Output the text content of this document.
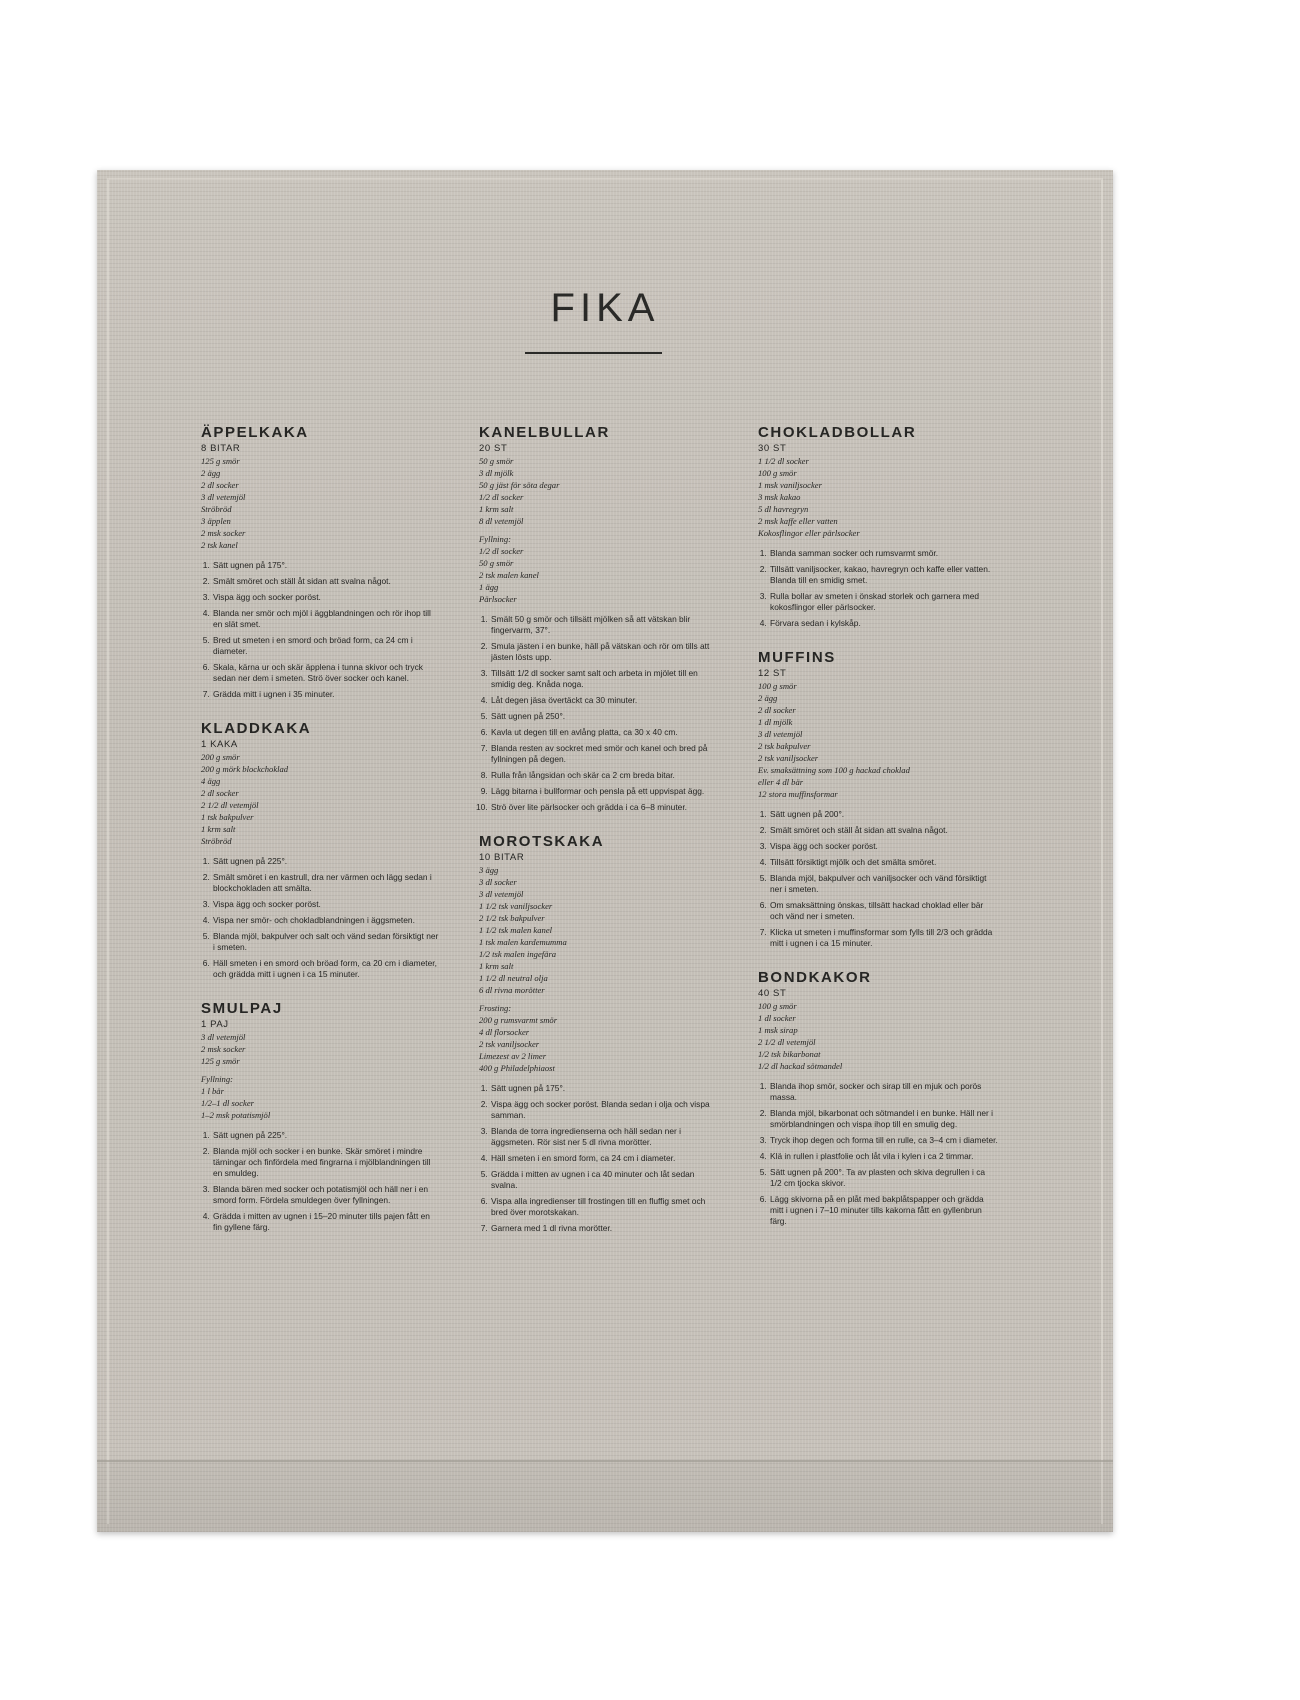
FIKA
ÄPPELKAKA
8 BITAR
125 g smör
2 ägg
2 dl socker
3 dl vetemjöl
Ströbröd
3 äpplen
2 msk socker
2 tsk kanel
1. Sätt ugnen på 175°.
2. Smält smöret och ställ åt sidan att svalna något.
3. Vispa ägg och socker poröst.
4. Blanda ner smör och mjöl i äggblandningen och rör ihop till en slät smet.
5. Bred ut smeten i en smord och bröad form, ca 24 cm i diameter.
6. Skala, kärna ur och skär äpplena i tunna skivor och tryck sedan ner dem i smeten. Strö över socker och kanel.
7. Grädda mitt i ugnen i 35 minuter.
KLADDKAKA
1 KAKA
200 g smör
200 g mörk blockchoklad
4 ägg
2 dl socker
2 1/2 dl vetemjöl
1 tsk bakpulver
1 krm salt
Ströbröd
1. Sätt ugnen på 225°.
2. Smält smöret i en kastrull, dra ner värmen och lägg sedan i blockchokladen att smälta.
3. Vispa ägg och socker poröst.
4. Vispa ner smör- och chokladblandningen i äggsmeten.
5. Blanda mjöl, bakpulver och salt och vänd sedan försiktigt ner i smeten.
6. Häll smeten i en smord och bröad form, ca 20 cm i diameter, och grädda mitt i ugnen i ca 15 minuter.
SMULPAJ
1 PAJ
3 dl vetemjöl
2 msk socker
125 g smör
Fyllning:
1 l bär
1/2–1 dl socker
1–2 msk potatismjöl
1. Sätt ugnen på 225°.
2. Blanda mjöl och socker i en bunke. Skär smöret i mindre tärningar och finfördela med fingrarna i mjölblandningen till en smuldeg.
3. Blanda bären med socker och potatismjöl och häll ner i en smord form. Fördela smuldegen över fyllningen.
4. Grädda i mitten av ugnen i 15–20 minuter tills pajen fått en fin gyllene färg.
KANELBULLAR
20 ST
50 g smör
3 dl mjölk
50 g jäst för söta degar
1/2 dl socker
1 krm salt
8 dl vetemjöl
Fyllning:
1/2 dl socker
50 g smör
2 tsk malen kanel
1 ägg
Pärlsocker
1. Smält 50 g smör och tillsätt mjölken så att vätskan blir fingervarm, 37°.
2. Smula jästen i en bunke, häll på vätskan och rör om tills att jästen lösts upp.
3. Tillsätt 1/2 dl socker samt salt och arbeta in mjölet till en smidig deg. Knåda noga.
4. Låt degen jäsa övertäckt ca 30 minuter.
5. Sätt ugnen på 250°.
6. Kavla ut degen till en avlång platta, ca 30 x 40 cm.
7. Blanda resten av sockret med smör och kanel och bred på fyllningen på degen.
8. Rulla från långsidan och skär ca 2 cm breda bitar.
9. Lägg bitarna i bullformar och pensla på ett uppvispat ägg.
10. Strö över lite pärlsocker och grädda i ca 6–8 minuter.
MOROTSKAKA
10 BITAR
3 ägg
3 dl socker
3 dl vetemjöl
1 1/2 tsk vaniljsocker
2 1/2 tsk bakpulver
1 1/2 tsk malen kanel
1 tsk malen kardemumma
1/2 tsk malen ingefära
1 krm salt
1 1/2 dl neutral olja
6 dl rivna morötter
Frosting:
200 g rumsvarmt smör
4 dl florsocker
2 tsk vaniljsocker
Limezest av 2 limer
400 g Philadelphiaost
1. Sätt ugnen på 175°.
2. Vispa ägg och socker poröst. Blanda sedan i olja och vispa samman.
3. Blanda de torra ingredienserna och häll sedan ner i äggsmeten. Rör sist ner 5 dl rivna morötter.
4. Häll smeten i en smord form, ca 24 cm i diameter.
5. Grädda i mitten av ugnen i ca 40 minuter och låt sedan svalna.
6. Vispa alla ingredienser till frostingen till en fluffig smet och bred över morotskakan.
7. Garnera med 1 dl rivna morötter.
CHOKLADBOLLAR
30 ST
1 1/2 dl socker
100 g smör
1 msk vaniljsocker
3 msk kakao
5 dl havregryn
2 msk kaffe eller vatten
Kokosflingor eller pärlsocker
1. Blanda samman socker och rumsvarmt smör.
2. Tillsätt vaniljsocker, kakao, havregryn och kaffe eller vatten. Blanda till en smidig smet.
3. Rulla bollar av smeten i önskad storlek och garnera med kokosflingor eller pärlsocker.
4. Förvara sedan i kylskåp.
MUFFINS
12 ST
100 g smör
2 ägg
2 dl socker
1 dl mjölk
3 dl vetemjöl
2 tsk bakpulver
2 tsk vaniljsocker
Ev. smaksättning som 100 g hackad choklad
eller 4 dl bär
12 stora muffinsformar
1. Sätt ugnen på 200°.
2. Smält smöret och ställ åt sidan att svalna något.
3. Vispa ägg och socker poröst.
4. Tillsätt försiktigt mjölk och det smälta smöret.
5. Blanda mjöl, bakpulver och vaniljsocker och vänd försiktigt ner i smeten.
6. Om smaksättning önskas, tillsätt hackad choklad eller bär och vänd ner i smeten.
7. Klicka ut smeten i muffinsformar som fylls till 2/3 och grädda mitt i ugnen i ca 15 minuter.
BONDKAKOR
40 ST
100 g smör
1 dl socker
1 msk sirap
2 1/2 dl vetemjöl
1/2 tsk bikarbonat
1/2 dl hackad sötmandel
1. Blanda ihop smör, socker och sirap till en mjuk och porös massa.
2. Blanda mjöl, bikarbonat och sötmandel i en bunke. Häll ner i smörblandningen och vispa ihop till en smulig deg.
3. Tryck ihop degen och forma till en rulle, ca 3–4 cm i diameter.
4. Klä in rullen i plastfolie och låt vila i kylen i ca 2 timmar.
5. Sätt ugnen på 200°. Ta av plasten och skiva degrullen i ca 1/2 cm tjocka skivor.
6. Lägg skivorna på en plåt med bakplåtspapper och grädda mitt i ugnen i 7–10 minuter tills kakorna fått en gyllenbrun färg.
